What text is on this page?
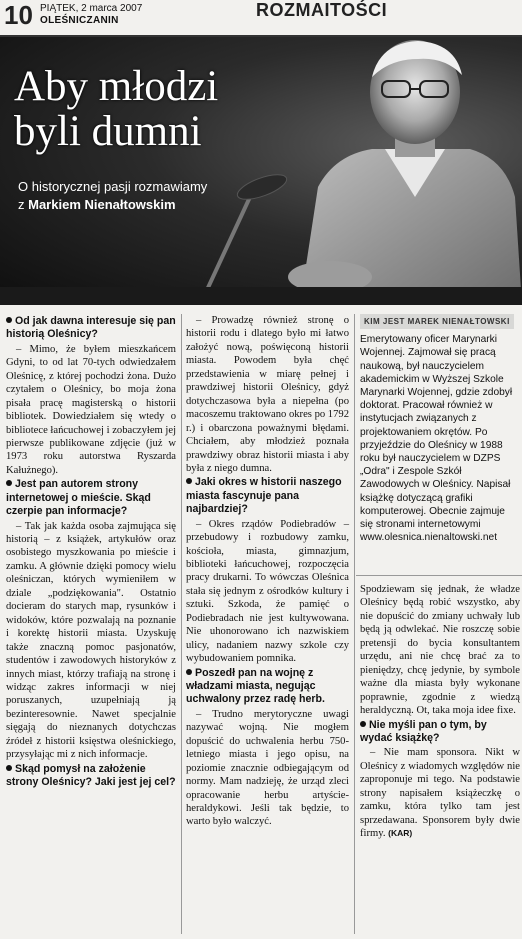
10 PIĄTEK, 2 marca 2007
OLEŚNICZANIN
ROZMAITOŚCI
Aby młodzi
byli dumni
O historycznej pasji rozmawiamy
z Markiem Nienałtowskim

Od jak dawna interesuje się pan historią Oleśnicy?

– Mimo, że byłem mieszkańcem Gdyni, to od lat 70-tych odwiedzałem Oleśnicę, z której pochodzi żona. Dużo czytałem o Oleśnicy, bo moja żona pisała pracę magisterską o historii bibliotek. Dowiedziałem się wtedy o bibliotece łańcuchowej i zobaczyłem jej pierwsze publikowane zdjęcie (już w 1973 roku autorstwa Ryszarda Kałużnego).

Jest pan autorem strony internetowej o mieście. Skąd czerpie pan informacje?

– Tak jak każda osoba zajmująca się historią – z książek, artykułów oraz osobistego myszkowania po mieście i zamku. A głównie dzięki pomocy wielu oleśniczan, których wymieniłem w dziale „podziękowania". Ostatnio docieram do starych map, rysunków i widoków, które pozwalają na poznanie i korektę historii miasta. Uzyskuję także znaczną pomoc pasjonatów, studentów i zawodowych historyków z innych miast, którzy trafiają na stronę i widząc zakres informacji w niej poruszanych, uzupełniają ją bezinteresownie. Nawet specjalnie sięgają do nieznanych dotychczas źródeł z historii księstwa oleśnickiego, przysyłając mi z nich informacje.

Skąd pomysł na założenie strony Oleśnicy? Jaki jest jej cel?

– Prowadzę również stronę o historii rodu i dlatego było mi łatwo założyć nową, poświęconą historii miasta. Powodem była chęć przedstawienia w miarę pełnej i prawdziwej historii Oleśnicy, gdyż dotychczasowa była a niepełna (po macoszemu traktowano okres po 1792 r.) i obarczona poważnymi błędami. Chciałem, aby młodzież poznała prawdziwy obraz historii miasta i aby była z niego dumna.

Jaki okres w historii naszego miasta fascynuje pana najbardziej?

– Okres rządów Podiebradów – przebudowy i rozbudowy zamku, kościoła, miasta, gimnazjum, biblioteki łańcuchowej, rozpoczęcia pracy drukarni. To wówczas Oleśnica stała się jednym z ośrodków kultury i sztuki. Szkoda, że pamięć o Podiebradach nie jest kultywowana. Nie uhonorowano ich nazwiskiem ulicy, nadaniem nazwy szkole czy wybudowaniem pomnika.

Poszedł pan na wojnę z władzami miasta, negując uchwalony przez radę herb.

– Trudno merytoryczne uwagi nazywać wojną. Nie mogłem dopuścić do uchwalenia herbu 750-letniego miasta i jego opisu, na poziomie znacznie odbiegającym od normy. Mam nadzieję, że urząd zleci opracowanie herbu artyście-heraldykowi. Jeśli tak będzie, to warto było walczyć.

KIM JEST MAREK NIENAŁTOWSKI

Emerytowany oficer Marynarki Wojennej. Zajmował się pracą naukową, był nauczycielem akademickim w Wyższej Szkole Marynarki Wojennej, gdzie zdobył doktorat. Pracował również w instytucjach związanych z projektowaniem okrętów. Po przyjeździe do Oleśnicy w 1988 roku był nauczycielem w DZPS „Odra" i Zespole Szkół Zawodowych w Oleśnicy. Napisał książkę dotyczącą grafiki komputerowej. Obecnie zajmuje się stronami internetowymi www.olesnica.nienaltowski.net

Spodziewam się jednak, że władze Oleśnicy będą robić wszystko, aby nie dopuścić do zmiany uchwały lub będą ją odwlekać. Nie roszczę sobie pretensji do bycia konsultantem urzędu, ani nie chcę brać za to pieniędzy, chcę jedynie, by symbole ważne dla miasta były wykonane poprawnie, zgodnie z wiedzą heraldyczną. Ot, taka moja idee fixe.

Nie myśli pan o tym, by wydać książkę?

– Nie mam sponsora. Nikt w Oleśnicy z wiadomych względów nie zaproponuje mi tego. Na podstawie strony napisałem książeczkę o zamku, która tylko tam jest sprzedawana. Sponsorem były dwie firmy. (KAR)
